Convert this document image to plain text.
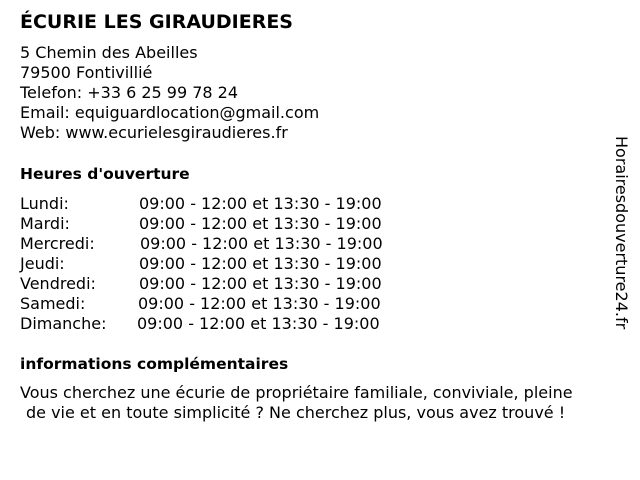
ÉCURIE LES GIRAUDIERES
5 Chemin des Abeilles
79500 Fontivillié
Telefon: +33 6 25 99 78 24
Email: equiguardlocation@gmail.com
Web: www.ecurielesgiraudieres.fr
Heures d'ouverture
Lundi:	09:00 - 12:00 et 13:30 - 19:00
Mardi:	09:00 - 12:00 et 13:30 - 19:00
Mercredi:	09:00 - 12:00 et 13:30 - 19:00
Jeudi:	09:00 - 12:00 et 13:30 - 19:00
Vendredi:	09:00 - 12:00 et 13:30 - 19:00
Samedi:	09:00 - 12:00 et 13:30 - 19:00
Dimanche: 09:00 - 12:00 et 13:30 - 19:00
informations complémentaires
Vous cherchez une écurie de propriétaire familiale, conviviale, pleine
de vie et en toute simplicité ? Ne cherchez plus, vous avez trouvé !
Horairesdouverture24.fr
